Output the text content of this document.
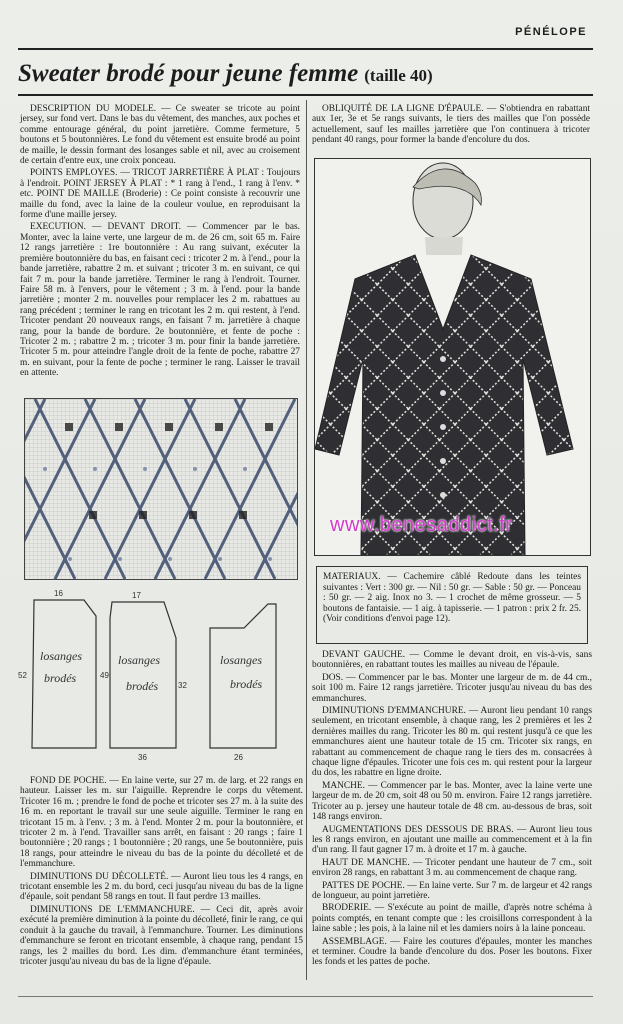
PÉNÉLOPE
Sweater brodé pour jeune femme (taille 40)

DESCRIPTION DU MODELE. — Ce sweater se tricote au point jersey, sur fond vert. Dans le bas du vêtement, des manches, aux poches et comme entourage général, du point jarretière. Comme fermeture, 5 boutons et 5 boutonnières. Le fond du vêtement est ensuite brodé au point de maille, le dessin formant des losanges sable et nil, avec au croisement de certain d'entre eux, une croix ponceau.

POINTS EMPLOYES. — TRICOT JARRETIÈRE À PLAT : Toujours à l'endroit. POINT JERSEY À PLAT : * 1 rang à l'end., 1 rang à l'env. * etc. POINT DE MAILLE (Broderie) : Ce point consiste à recouvrir une maille du fond, avec la laine de la couleur voulue, en reproduisant la forme d'une maille jersey.

EXECUTION. — DEVANT DROIT. — Commencer par le bas. Monter, avec la laine verte, une largeur de m. de 26 cm, soit 65 m. Faire 12 rangs jarretière : 1re boutonnière : Au rang suivant, exécuter la première boutonnière du bas, en faisant ceci : tricoter 2 m. à l'end., pour la bande jarretière, rabattre 2 m. et suivant ; tricoter 3 m. en suivant, ce qui fait 7 m. pour la bande jarretière. Terminer le rang à l'endroit. Tourner. Faire 58 m. à l'envers, pour le vêtement ; 3 m. à l'end. pour la bande jarretière ; monter 2 m. nouvelles pour remplacer les 2 m. rabattues au rang précédent ; terminer le rang en tricotant les 2 m. qui restent, à l'end. Tricoter pendant 20 nouveaux rangs, en faisant 7 m. jarretière à chaque rang, pour la bande de bordure. 2e boutonnière, et fente de poche : Tricoter 2 m. ; rabattre 2 m. ; tricoter 3 m. pour finir la bande jarretière. Tricoter 5 m. pour atteindre l'angle droit de la fente de poche, rabattre 27 m. en suivant, pour la fente de poche ; terminer le rang. Laisser le travail en attente.

losanges
brodés
losanges
brodés
losanges
brodés
16
52	49
17
32
36	26

FOND DE POCHE. — En laine verte, sur 27 m. de larg. et 22 rangs en hauteur. Laisser les m. sur l'aiguille. Reprendre le corps du vêtement. Tricoter 16 m. ; prendre le fond de poche et tricoter ses 27 m. à la suite des 16 m. en reportant le travail sur une seule aiguille. Terminer le rang en tricotant 15 m. à l'env. ; 3 m. à l'end. Monter 2 m. pour la boutonnière, et tricoter 2 m. à l'end. Travailler sans arrêt, en faisant : 20 rangs ; faire 1 boutonnière ; 20 rangs ; 1 boutonnière ; 20 rangs, une 5e boutonnière, puis 18 rangs, pour atteindre le niveau du bas de la pointe du décolleté et de l'emmanchure.

DIMINUTIONS DU DÉCOLLETÉ. — Auront lieu tous les 4 rangs, en tricotant ensemble les 2 m. du bord, ceci jusqu'au niveau du bas de la ligne d'épaule, soit pendant 58 rangs en tout. Il faut perdre 13 mailles.

DIMINUTIONS DE L'EMMANCHURE. — Ceci dit, après avoir exécuté la première diminution à la pointe du décolleté, finir le rang, ce qui conduit à la gauche du travail, à l'emmanchure. Tourner. Les diminutions d'emmanchure se feront en tricotant ensemble, à chaque rang, pendant 15 rangs, les 2 mailles du bord. Les dim. d'emmanchure étant terminées, tricoter jusqu'au niveau du bas de la ligne d'épaule.

OBLIQUITÉ DE LA LIGNE D'ÉPAULE. — S'obtiendra en rabattant aux 1er, 3e et 5e rangs suivants, le tiers des mailles que l'on possède actuellement, sauf les mailles jarretière que l'on continuera à tricoter pendant 40 rangs, pour former la bande d'encolure du dos.

www.benesaddict.fr
MATERIAUX. — Cachemire câblé Redoute dans les teintes suivantes : Vert : 300 gr. — Nil : 50 gr. — Sable : 50 gr. — Ponceau : 50 gr. — 2 aig. Inox no 3. — 1 crochet de même grosseur. — 5 boutons de fantaisie. — 1 aig. à tapisserie. — 1 patron : prix 2 fr. 25. (Voir conditions d'envoi page 12).

DEVANT GAUCHE. — Comme le devant droit, en vis-à-vis, sans boutonnières, en rabattant toutes les mailles au niveau de l'épaule.

DOS. — Commencer par le bas. Monter une largeur de m. de 44 cm., soit 100 m. Faire 12 rangs jarretière. Tricoter jusqu'au niveau du bas des emmanchures.

DIMINUTIONS D'EMMANCHURE. — Auront lieu pendant 10 rangs seulement, en tricotant ensemble, à chaque rang, les 2 premières et les 2 dernières mailles du rang. Tricoter les 80 m. qui restent jusqu'à ce que les emmanchures aient une hauteur totale de 15 cm. Tricoter six rangs, en rabattant au commencement de chaque rang le tiers des m. consacrées à chaque ligne d'épaules. Tricoter une fois ces m. qui restent pour la largeur du dos, les rabattre en ligne droite.

MANCHE. — Commencer par le bas. Monter, avec la laine verte une largeur de m. de 20 cm, soit 48 ou 50 m. environ. Faire 12 rangs jarretière. Tricoter au p. jersey une hauteur totale de 48 cm. au-dessous de bras, soit 148 rangs environ.

AUGMENTATIONS DES DESSOUS DE BRAS. — Auront lieu tous les 8 rangs environ, en ajoutant une maille au commencement et à la fin d'un rang. Il faut gagner 17 m. à droite et 17 m. à gauche.

HAUT DE MANCHE. — Tricoter pendant une hauteur de 7 cm., soit environ 28 rangs, en rabattant 3 m. au commencement de chaque rang.

PATTES DE POCHE. — En laine verte. Sur 7 m. de largeur et 42 rangs de longueur, au point jarretière.

BRODERIE. — S'exécute au point de maille, d'après notre schéma à points comptés, en tenant compte que : les croisillons correspondent à la laine sable ; les pois, à la laine nil et les damiers noirs à la laine ponceau.

ASSEMBLAGE. — Faire les coutures d'épaules, monter les manches et terminer. Coudre la bande d'encolure du dos. Poser les boutons. Fixer les fonds et les pattes de poche.
